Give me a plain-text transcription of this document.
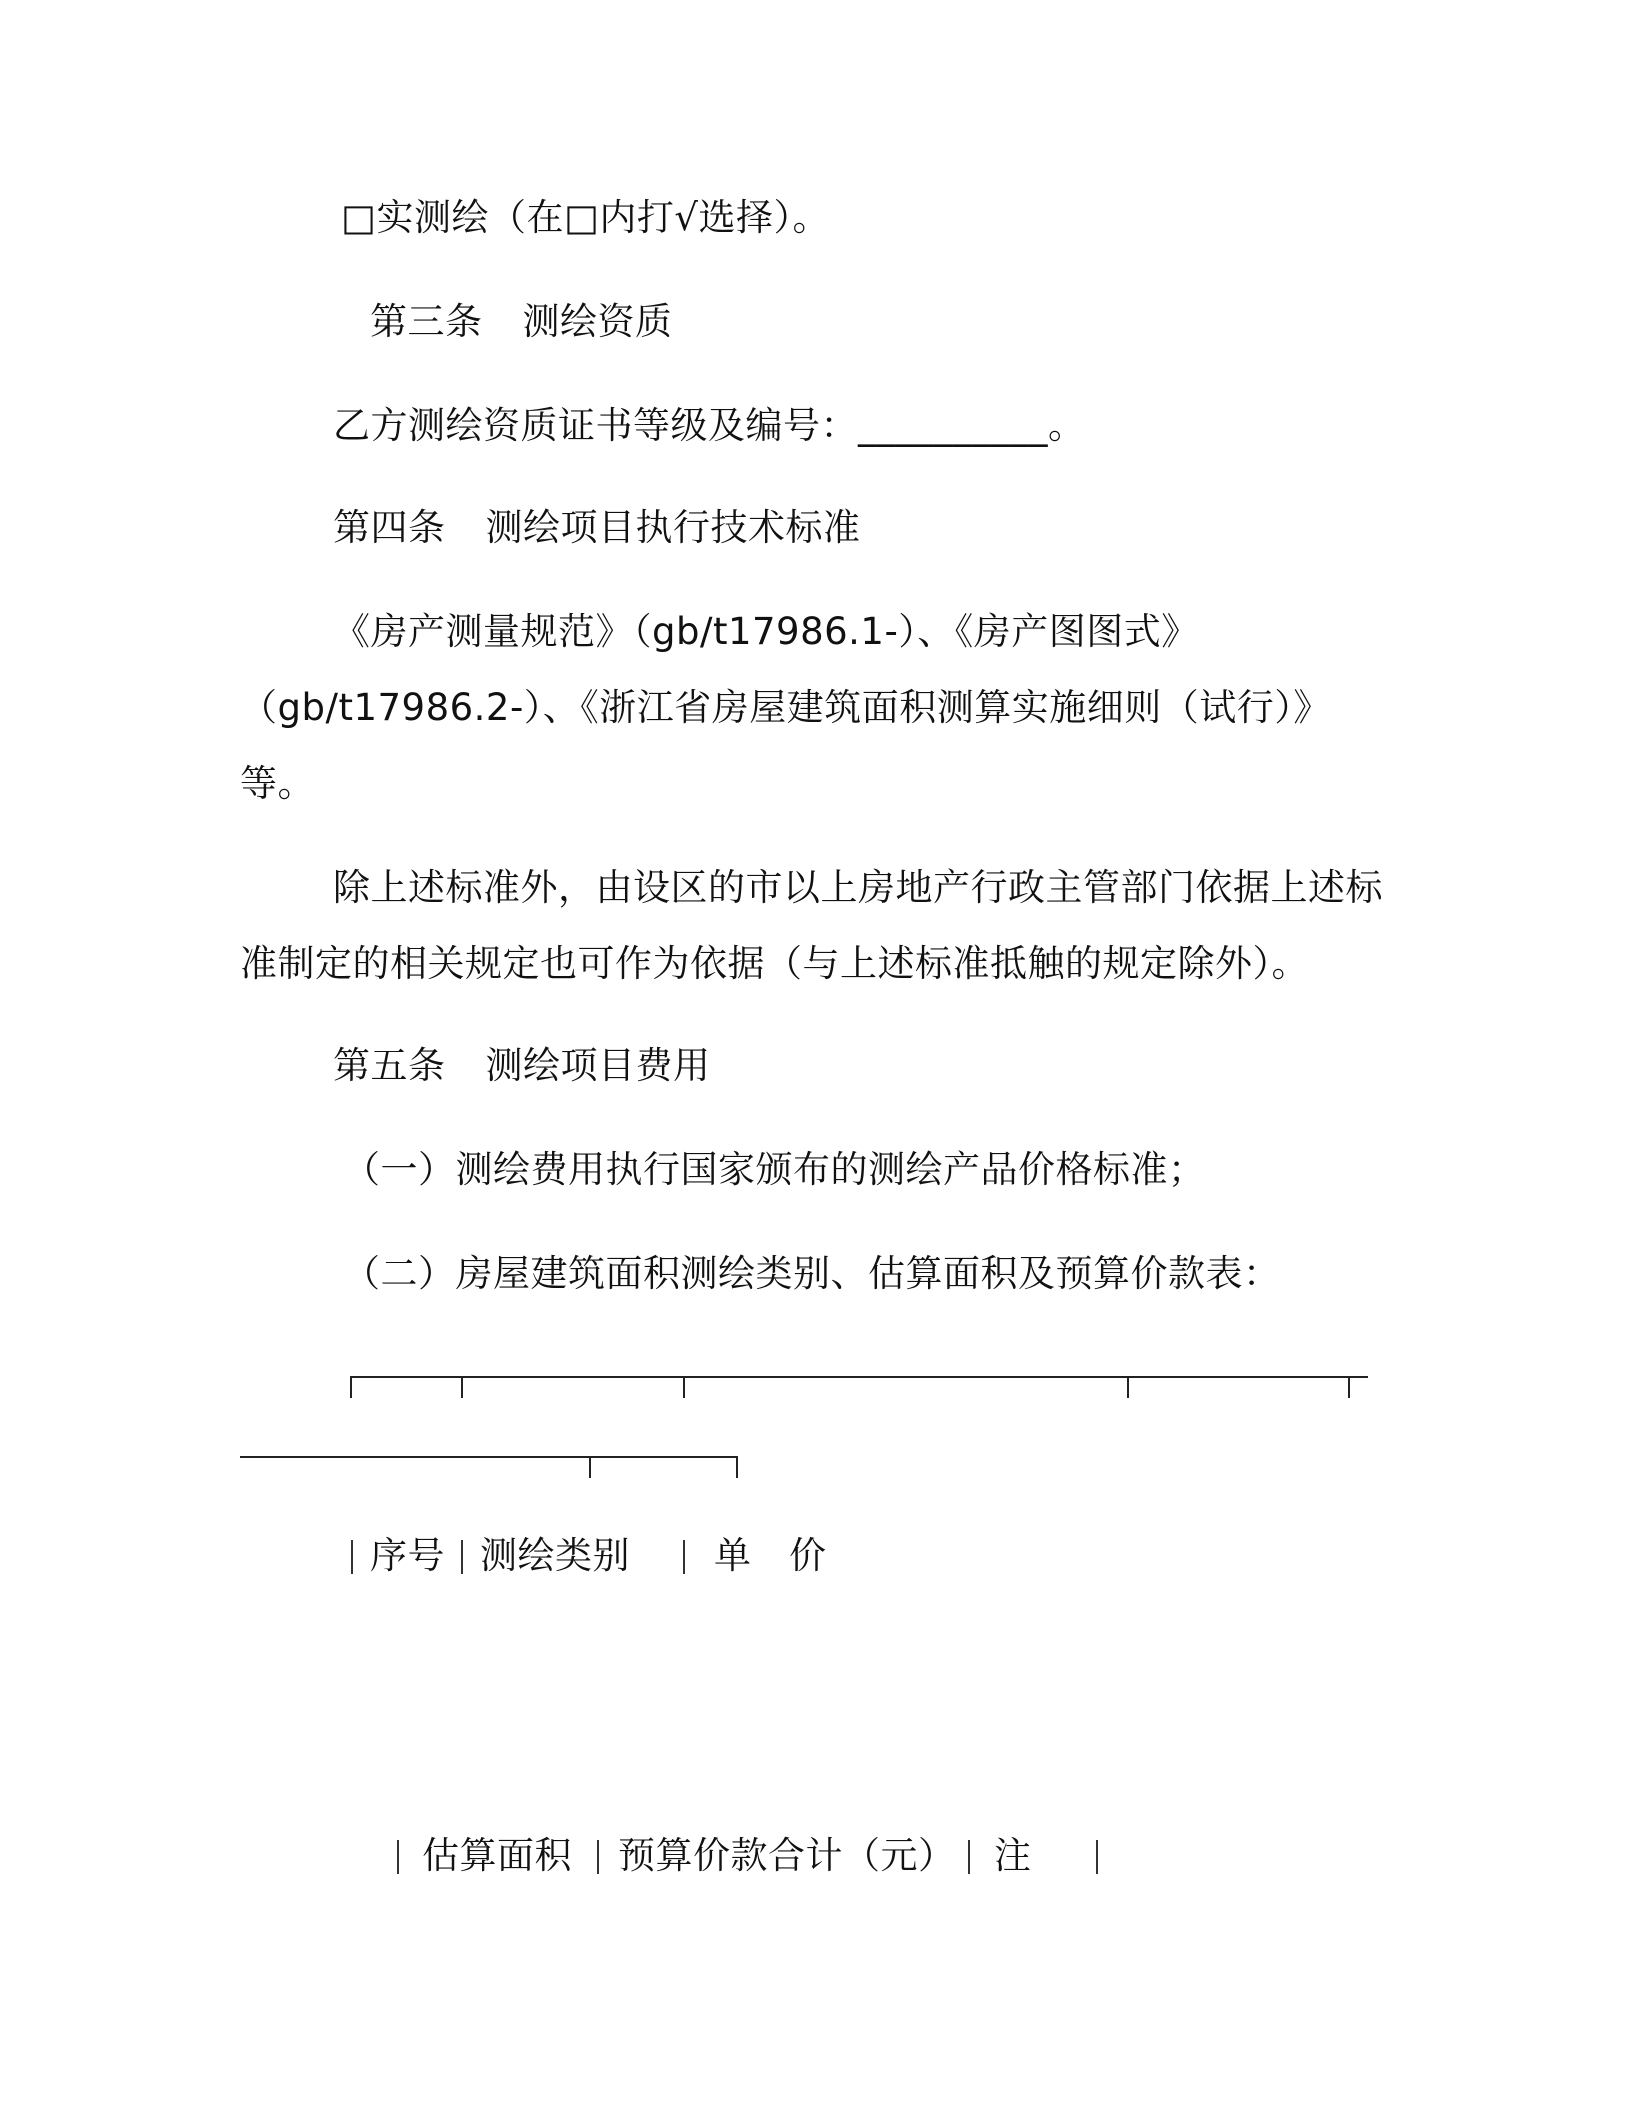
□实测绘（在□内打√选择）。
第三条 测绘资质
乙方测绘资质证书等级及编号：__________。
第四条 测绘项目执行技术标准
《房产测量规范》（gb/t17986.1-）、《房产图图式》
（gb/t17986.2-）、《浙江省房屋建筑面积测算实施细则（试行）》
等。
除上述标准外，由设区的市以上房地产行政主管部门依据上述标
准制定的相关规定也可作为依据（与上述标准抵触的规定除外）。
第五条 测绘项目费用
（一）测绘费用执行国家颁布的测绘产品价格标准；
（二）房屋建筑面积测绘类别、估算面积及预算价款表：
序号 测绘类别 单价
估算面积 预算价款合计（元） 注
